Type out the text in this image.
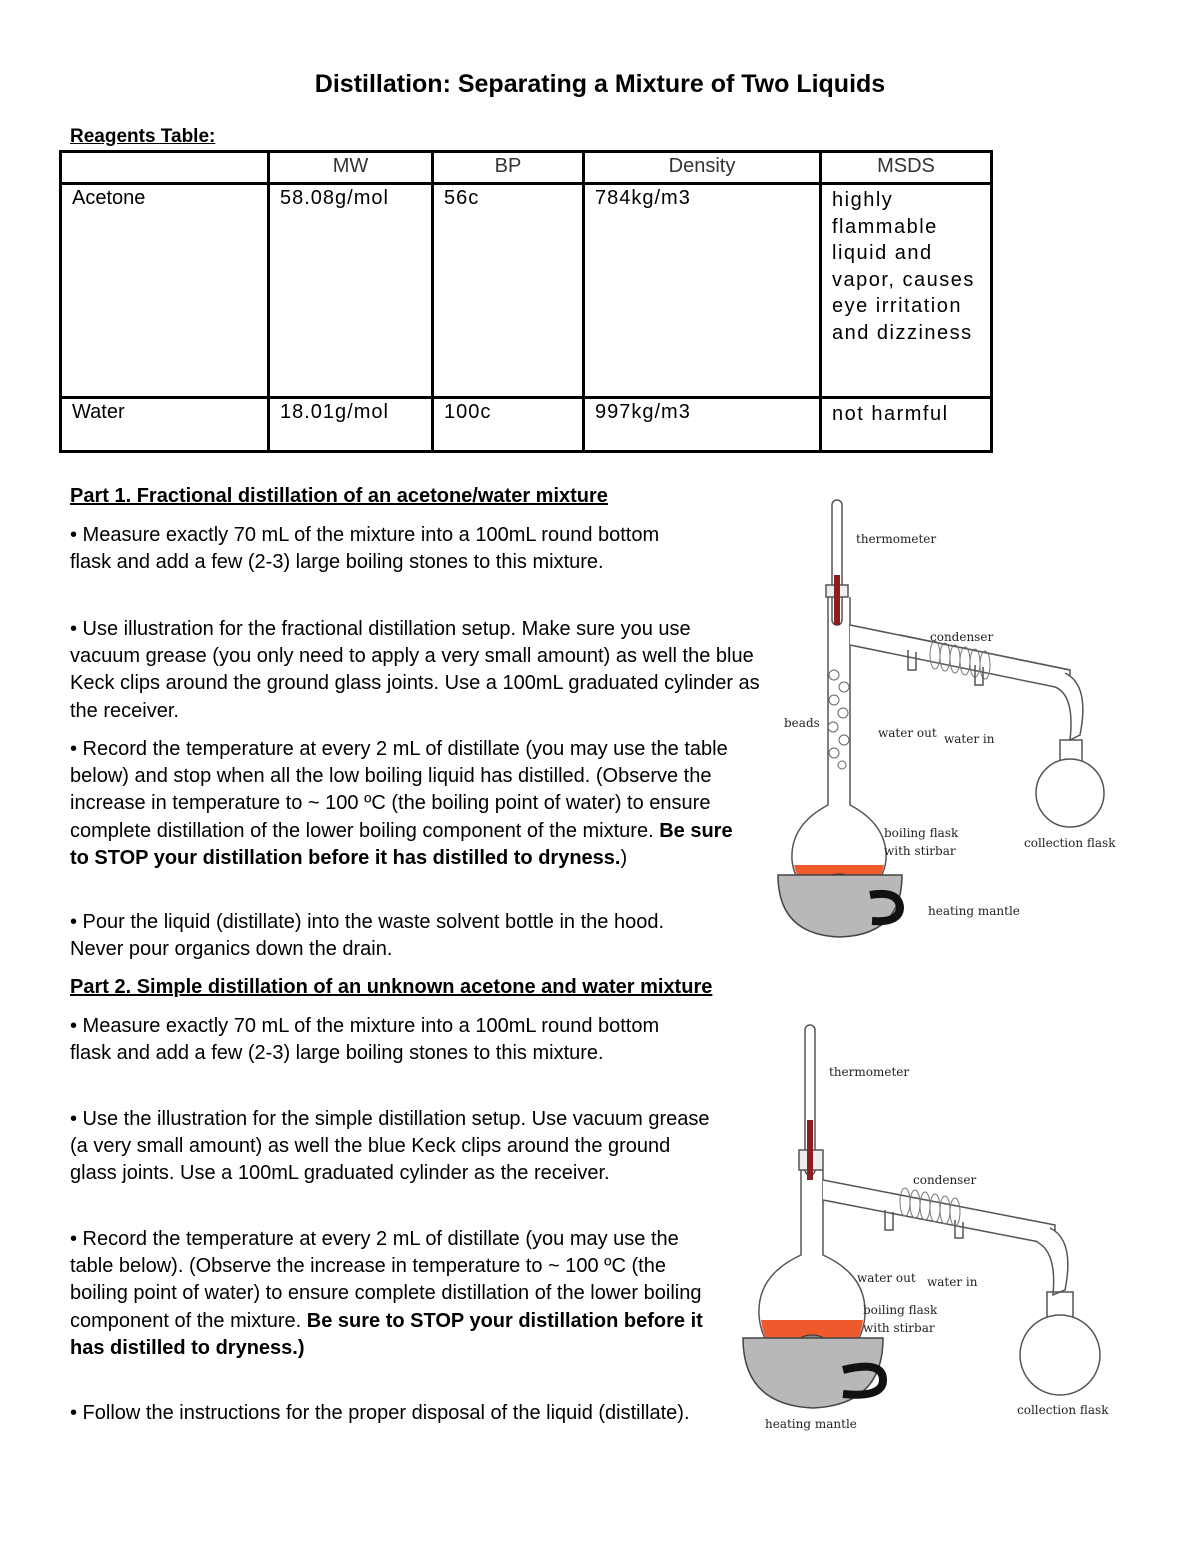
Distillation: Separating a Mixture of Two Liquids
Reagents Table:
	MW	BP	Density	MSDS
Acetone	58.08g/mol	56c	784kg/m3	highly flammable liquid and vapor, causes eye irritation and dizziness
Water	18.01g/mol	100c	997kg/m3	not harmful
Part 1. Fractional distillation of an acetone/water mixture
• Measure exactly 70 mL of the mixture into a 100mL round bottom flask and add a few (2-3) large boiling stones to this mixture.
• Use illustration for the fractional distillation setup. Make sure you use vacuum grease (you only need to apply a very small amount) as well the blue Keck clips around the ground glass joints. Use a 100mL graduated cylinder as the receiver.
• Record the temperature at every 2 mL of distillate (you may use the table below) and stop when all the low boiling liquid has distilled. (Observe the increase in temperature to ~ 100 ºC (the boiling point of water) to ensure complete distillation of the lower boiling component of the mixture. Be sure to STOP your distillation before it has distilled to dryness.)
• Pour the liquid (distillate) into the waste solvent bottle in the hood. Never pour organics down the drain.
thermometer
condenser
beads
water out water in
boiling flask
with stirbar
collection flask
heating mantle
Part 2. Simple distillation of an unknown acetone and water mixture
• Measure exactly 70 mL of the mixture into a 100mL round bottom flask and add a few (2-3) large boiling stones to this mixture.
• Use the illustration for the simple distillation setup. Use vacuum grease (a very small amount) as well the blue Keck clips around the ground glass joints. Use a 100mL graduated cylinder as the receiver.
• Record the temperature at every 2 mL of distillate (you may use the table below). (Observe the increase in temperature to ~ 100 ºC (the boiling point of water) to ensure complete distillation of the lower boiling component of the mixture. Be sure to STOP your distillation before it has distilled to dryness.)
• Follow the instructions for the proper disposal of the liquid (distillate).
thermometer
condenser
water out water in
boiling flask
with stirbar
collection flask
heating mantle
